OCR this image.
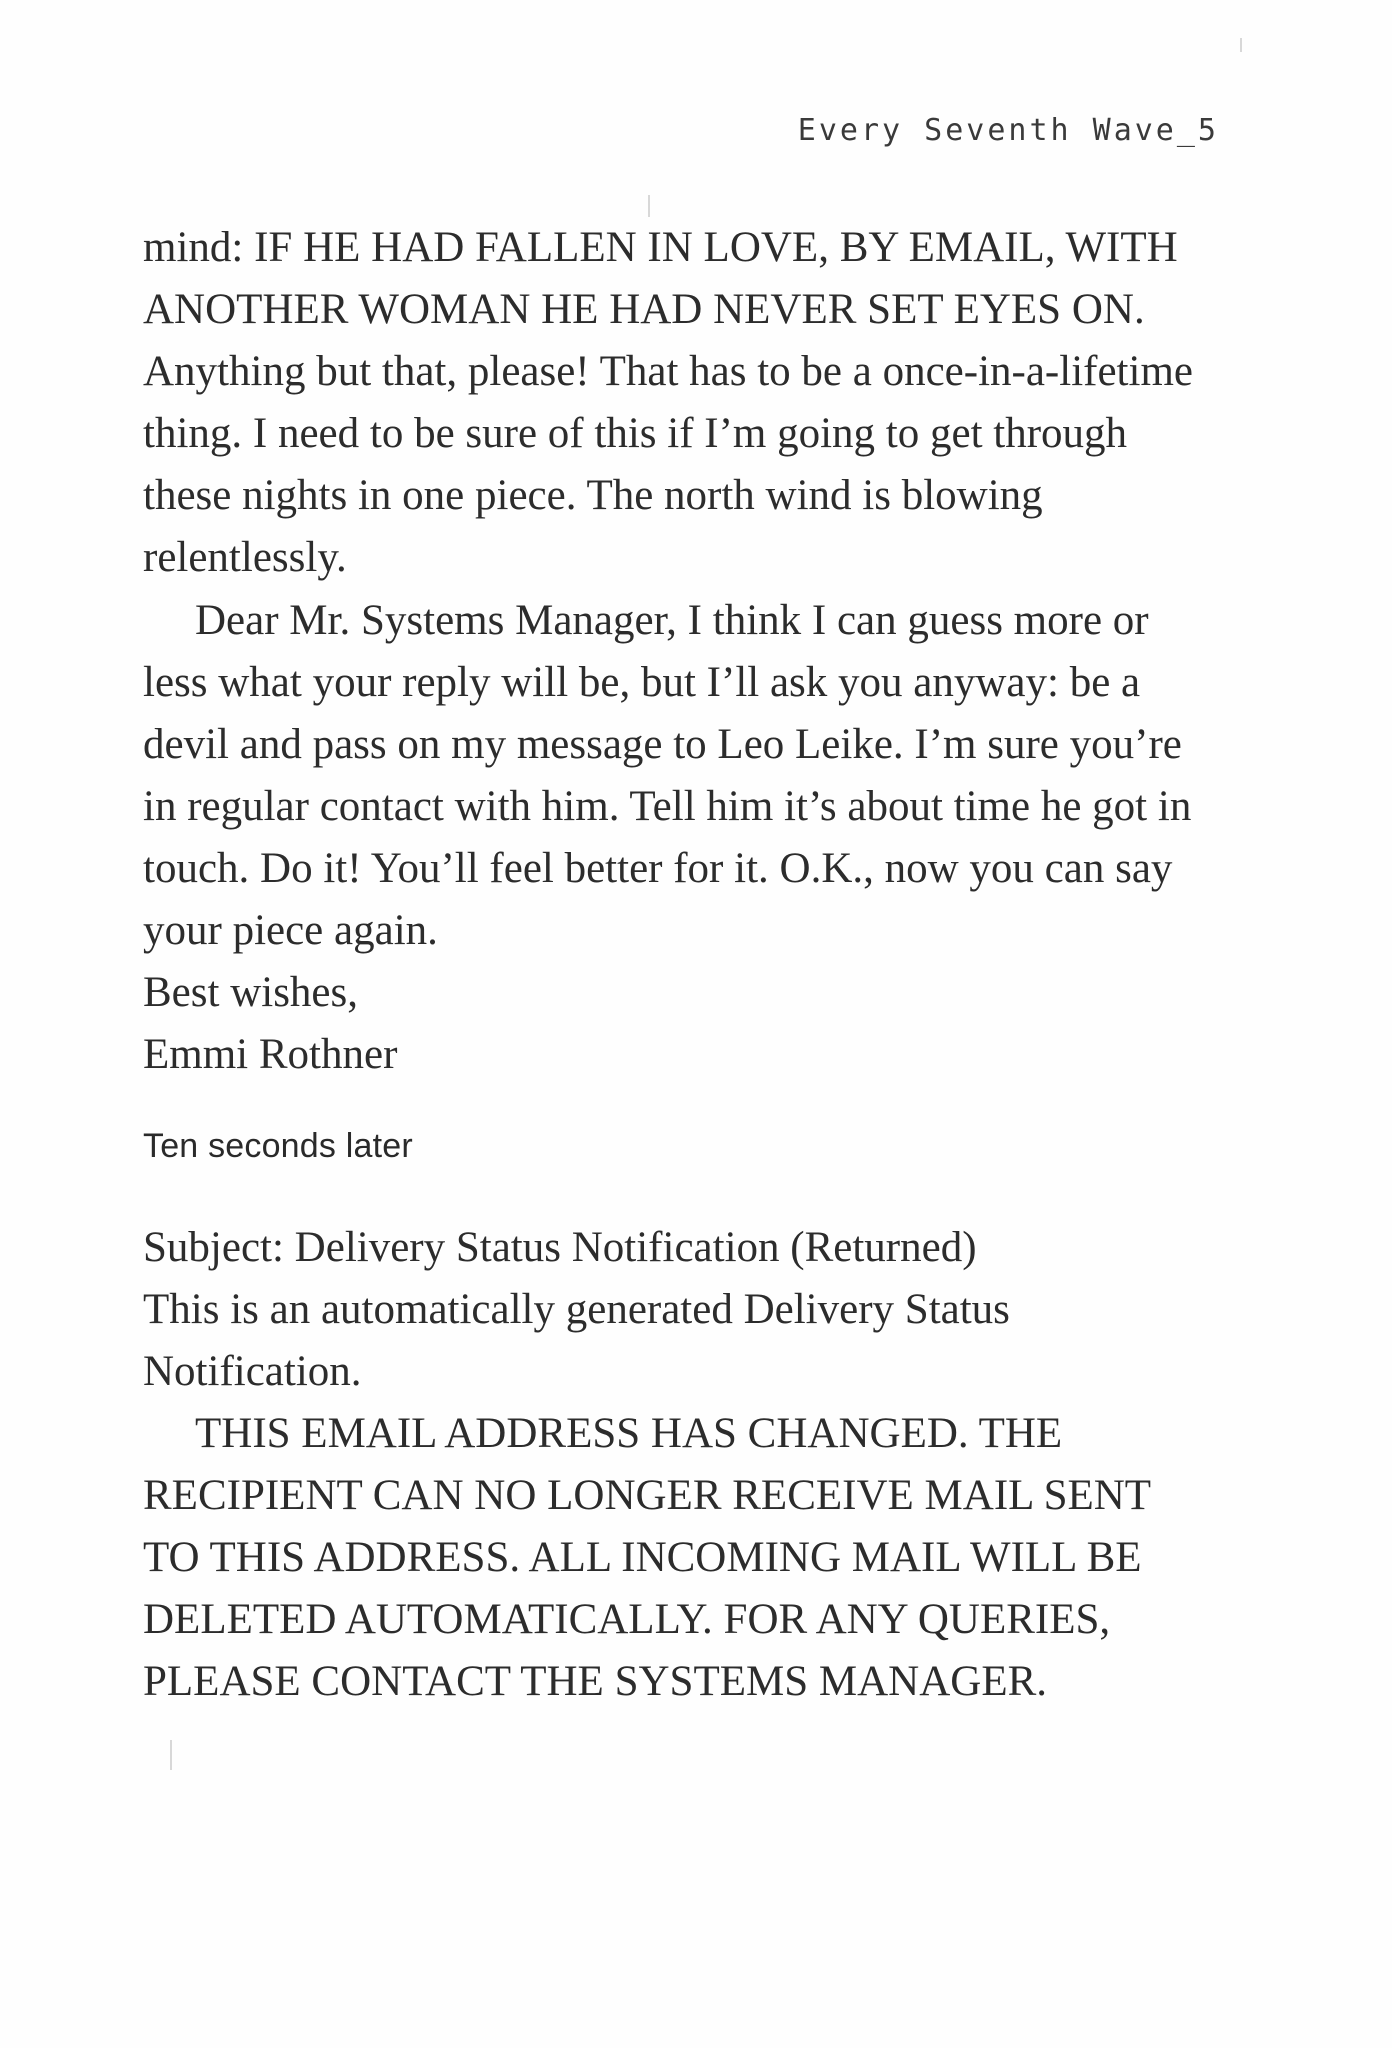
Every Seventh Wave_5

mind: IF HE HAD FALLEN IN LOVE, BY EMAIL, WITH ANOTHER WOMAN HE HAD NEVER SET EYES ON. Anything but that, please! That has to be a once-in-a-lifetime thing. I need to be sure of this if I’m going to get through these nights in one piece. The north wind is blowing relentlessly.

Dear Mr. Systems Manager, I think I can guess more or less what your reply will be, but I’ll ask you anyway: be a devil and pass on my message to Leo Leike. I’m sure you’re in regular contact with him. Tell him it’s about time he got in touch. Do it! You’ll feel better for it. O.K., now you can say your piece again.

Best wishes,

Emmi Rothner

Ten seconds later

Subject: Delivery Status Notification (Returned)

This is an automatically generated Delivery Status Notification.

THIS EMAIL ADDRESS HAS CHANGED. THE RECIPIENT CAN NO LONGER RECEIVE MAIL SENT TO THIS ADDRESS. ALL INCOMING MAIL WILL BE DELETED AUTOMATICALLY. FOR ANY QUERIES, PLEASE CONTACT THE SYSTEMS MANAGER.
